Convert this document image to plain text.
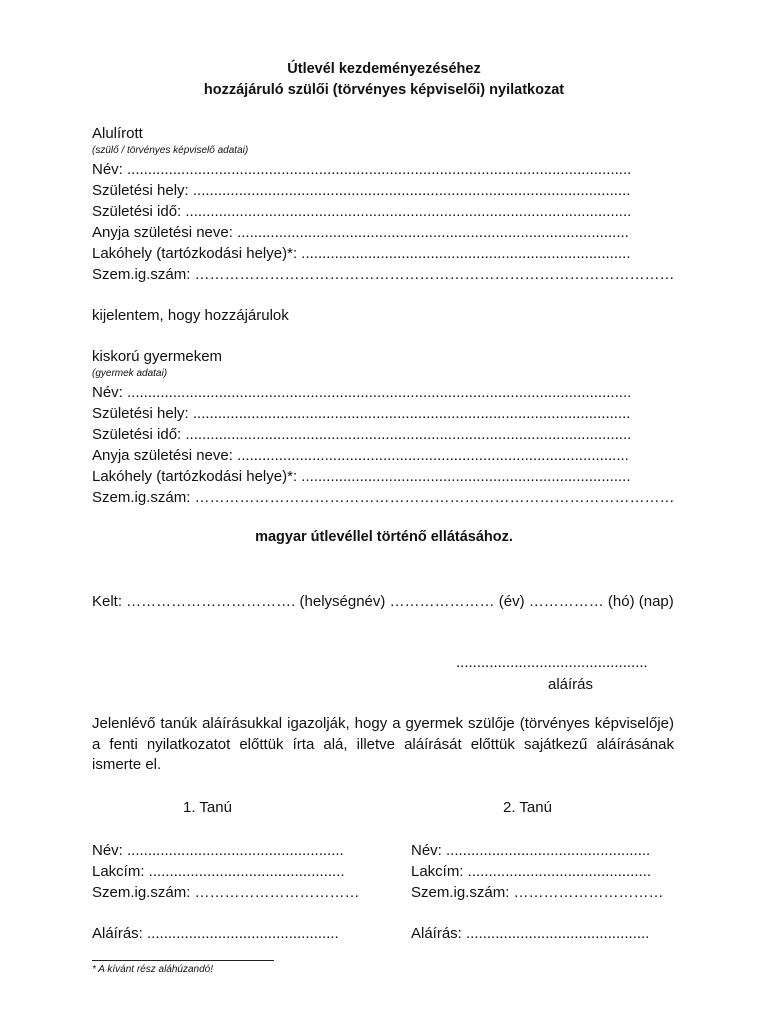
Útlevél kezdeményezéséhez
hozzájáruló szülői (törvényes képviselői) nyilatkozat
Alulírott
(szülő / törvényes képviselő adatai)
Név: .........................................................................................................................
Születési hely: .........................................................................................................
Születési idő: ...........................................................................................................
Anyja születési neve: ..............................................................................................
Lakóhely (tartózkodási helye)*: ...............................................................................
Szem.ig.szám: ……………………………………………………………………………………
kijelentem, hogy hozzájárulok
kiskorú gyermekem
(gyermek adatai)
Név: .........................................................................................................................
Születési hely: .........................................................................................................
Születési idő: ...........................................................................................................
Anyja születési neve: ..............................................................................................
Lakóhely (tartózkodási helye)*: ...............................................................................
Szem.ig.szám: ……………………………………………………………………………………
magyar útlevéllel történő ellátásához.
Kelt: ……………………………. (helységnév) ………………… (év) …………… (hó) (nap)
..............................................
aláírás
Jelenlévő tanúk aláírásukkal igazolják, hogy a gyermek szülője (törvényes képviselője) a fenti nyilatkozatot előttük írta alá, illetve aláírását előttük sajátkezű aláírásának ismerte el.
1. Tanú
Név: ....................................................
Lakcím: ...............................................
Szem.ig.szám: ……………………………
Aláírás: ..............................................
2. Tanú
Név: .................................................
Lakcím: ............................................
Szem.ig.szám: …………………………
Aláírás: ............................................
* A kívánt rész aláhúzandó!
